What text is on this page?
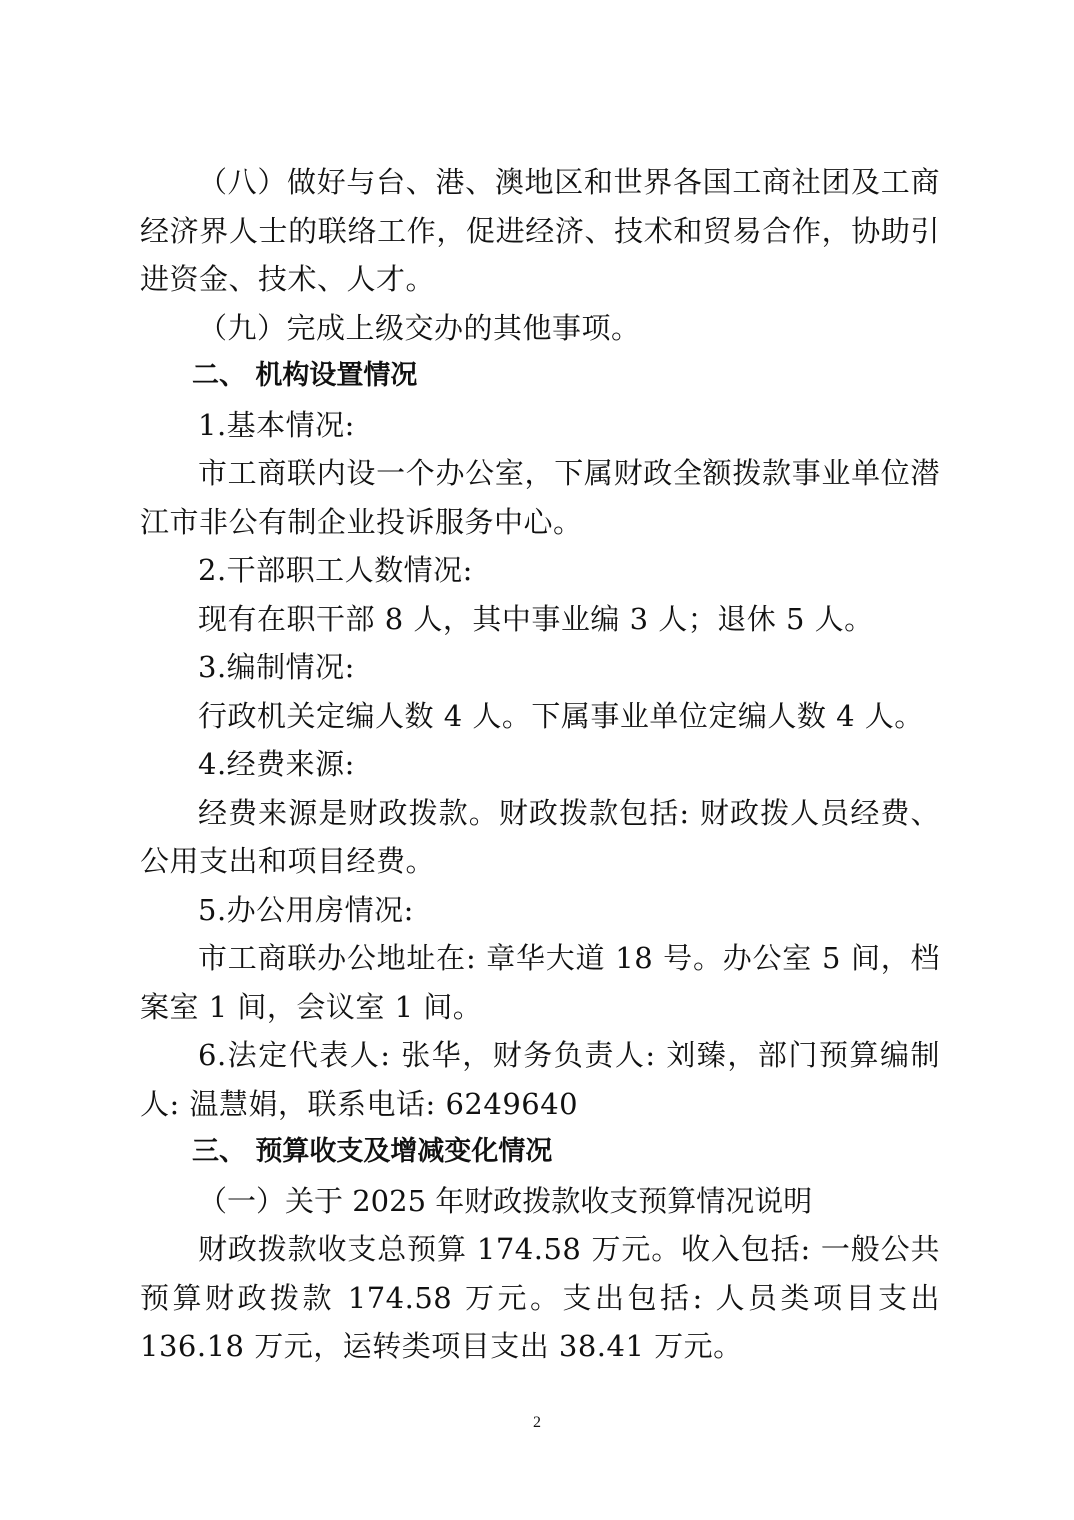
（八）做好与台、港、澳地区和世界各国工商社团及工商经济界人士的联络工作，促进经济、技术和贸易合作，协助引进资金、技术、人才。

（九）完成上级交办的其他事项。

二、 机构设置情况

1.基本情况:

市工商联内设一个办公室，下属财政全额拨款事业单位潜江市非公有制企业投诉服务中心。

2.干部职工人数情况:

现有在职干部 8 人，其中事业编 3 人；退休 5 人。

3.编制情况:

行政机关定编人数 4 人。下属事业单位定编人数 4 人。

4.经费来源:

经费来源是财政拨款。财政拨款包括: 财政拨人员经费、公用支出和项目经费。

5.办公用房情况:

市工商联办公地址在: 章华大道 18 号。办公室 5 间，档案室 1 间，会议室 1 间。

6.法定代表人: 张华，财务负责人: 刘臻，部门预算编制人: 温慧娟，联系电话: 6249640

三、 预算收支及增减变化情况

（一）关于 2025 年财政拨款收支预算情况说明

财政拨款收支总预算 174.58 万元。收入包括: 一般公共预算财政拨款 174.58 万元。支出包括: 人员类项目支出 136.18 万元，运转类项目支出 38.41 万元。

2
